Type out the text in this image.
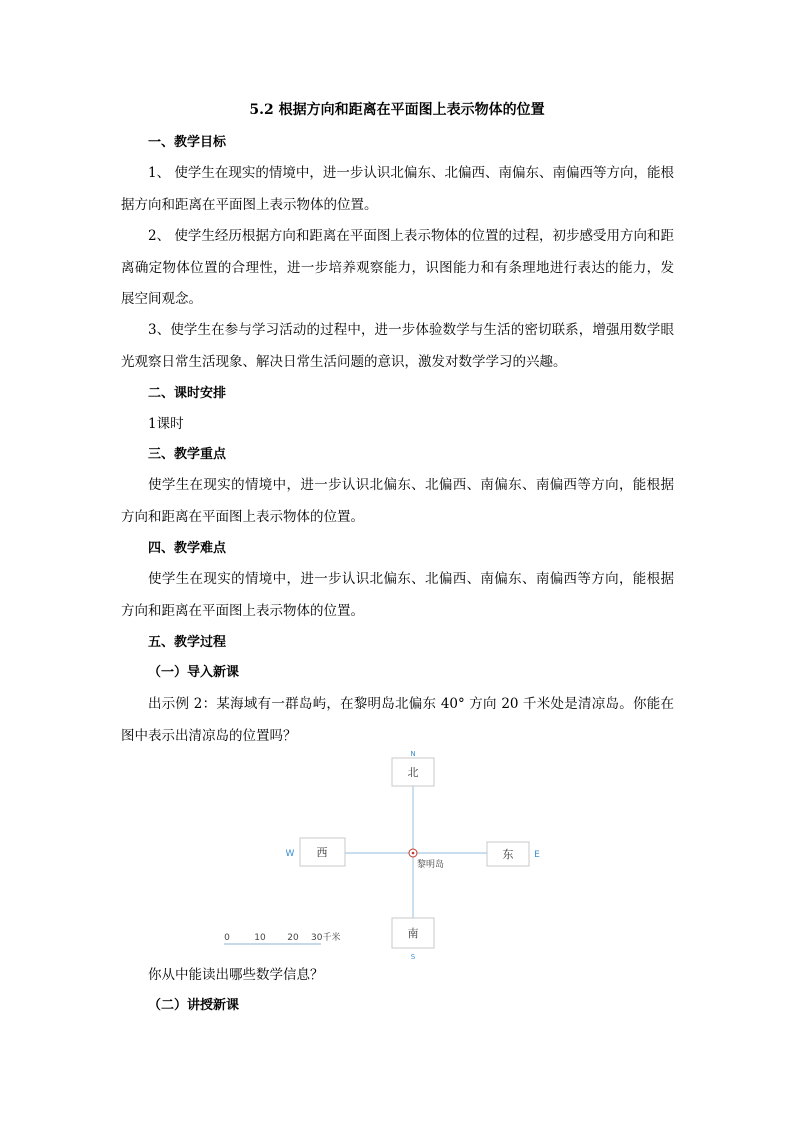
5.2 根据方向和距离在平面图上表示物体的位置
一、教学目标
1、 使学生在现实的情境中，进一步认识北偏东、北偏西、南偏东、南偏西等方向，能根据方向和距离在平面图上表示物体的位置。
2、 使学生经历根据方向和距离在平面图上表示物体的位置的过程，初步感受用方向和距离确定物体位置的合理性，进一步培养观察能力，识图能力和有条理地进行表达的能力，发展空间观念。
3、使学生在参与学习活动的过程中，进一步体验数学与生活的密切联系，增强用数学眼光观察日常生活现象、解决日常生活问题的意识，激发对数学学习的兴趣。
二、课时安排
1课时
三、教学重点
使学生在现实的情境中，进一步认识北偏东、北偏西、南偏东、南偏西等方向，能根据方向和距离在平面图上表示物体的位置。
四、教学难点
使学生在现实的情境中，进一步认识北偏东、北偏西、南偏东、南偏西等方向，能根据方向和距离在平面图上表示物体的位置。
五、教学过程
（一）导入新课
出示例 2：某海域有一群岛屿，在黎明岛北偏东 40° 方向 20 千米处是清凉岛。你能在图中表示出清凉岛的位置吗？
北
西	东
南
N
S
W	E
黎明岛
0	10 20 30千米
你从中能读出哪些数学信息？
（二）讲授新课
